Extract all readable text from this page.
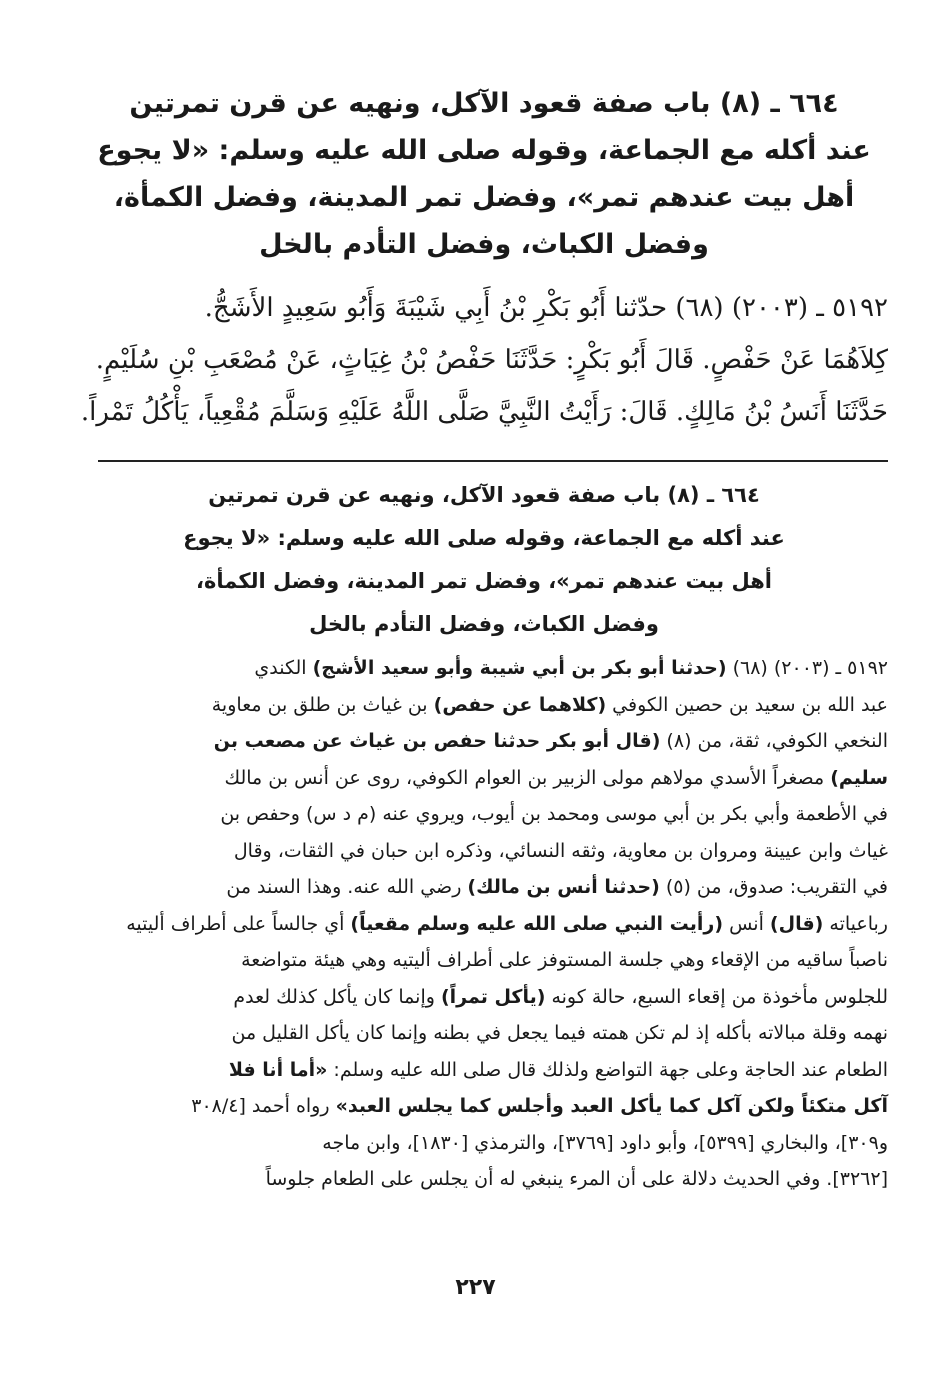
٦٦٤ ـ (٨) باب صفة قعود الآكل، ونهيه عن قرن تمرتين
عند أكله مع الجماعة، وقوله صلى الله عليه وسلم: «لا يجوع
أهل بيت عندهم تمر»، وفضل تمر المدينة، وفضل الكمأة،
وفضل الكباث، وفضل التأدم بالخل
٥١٩٢ ـ (٢٠٠٣) (٦٨) حدّثنا أَبُو بَكْرِ بْنُ أَبِي شَيْبَةَ وَأَبُو سَعِيدٍ الأَشَجُّ.
كِلاَهُمَا عَنْ حَفْصٍ. قَالَ أَبُو بَكْرٍ: حَدَّثَنَا حَفْصُ بْنُ غِيَاثٍ، عَنْ مُصْعَبِ بْنِ سُلَيْمٍ.
حَدَّثَنَا أَنَسُ بْنُ مَالِكٍ. قَالَ: رَأَيْتُ النَّبِيَّ صَلَّى اللَّهُ عَلَيْهِ وَسَلَّمَ مُقْعِياً، يَأْكُلُ تَمْراً.
٦٦٤ ـ (٨) باب صفة قعود الآكل، ونهيه عن قرن تمرتين
عند أكله مع الجماعة، وقوله صلى الله عليه وسلم: «لا يجوع
أهل بيت عندهم تمر»، وفضل تمر المدينة، وفضل الكمأة،
وفضل الكباث، وفضل التأدم بالخل
٥١٩٢ ـ (٢٠٠٣) (٦٨) (حدثنا أبو بكر بن أبي شيبة وأبو سعيد الأشج) الكندي
عبد الله بن سعيد بن حصين الكوفي (كلاهما عن حفص) بن غياث بن طلق بن معاوية
النخعي الكوفي، ثقة، من (٨) (قال أبو بكر حدثنا حفص بن غياث عن مصعب بن
سليم) مصغراً الأسدي مولاهم مولى الزبير بن العوام الكوفي، روى عن أنس بن مالك
في الأطعمة وأبي بكر بن أبي موسى ومحمد بن أيوب، ويروي عنه (م د س) وحفص بن
غياث وابن عيينة ومروان بن معاوية، وثقه النسائي، وذكره ابن حبان في الثقات، وقال
في التقريب: صدوق، من (٥) (حدثنا أنس بن مالك) رضي الله عنه. وهذا السند من
رباعياته (قال) أنس (رأيت النبي صلى الله عليه وسلم مقعياً) أي جالساً على أطراف أليتيه
ناصباً ساقيه من الإقعاء وهي جلسة المستوفز على أطراف أليتيه وهي هيئة متواضعة
للجلوس مأخوذة من إقعاء السبع، حالة كونه (يأكل تمراً) وإنما كان يأكل كذلك لعدم
نهمه وقلة مبالاته بأكله إذ لم تكن همته فيما يجعل في بطنه وإنما كان يأكل القليل من
الطعام عند الحاجة وعلى جهة التواضع ولذلك قال صلى الله عليه وسلم: «أما أنا فلا
آكل متكئاً ولكن آكل كما يأكل العبد وأجلس كما يجلس العبد» رواه أحمد [٣٠٨/٤
و٣٠٩]، والبخاري [٥٣٩٩]، وأبو داود [٣٧٦٩]، والترمذي [١٨٣٠]، وابن ماجه
[٣٢٦٢]. وفي الحديث دلالة على أن المرء ينبغي له أن يجلس على الطعام جلوساً
٢٢٧
